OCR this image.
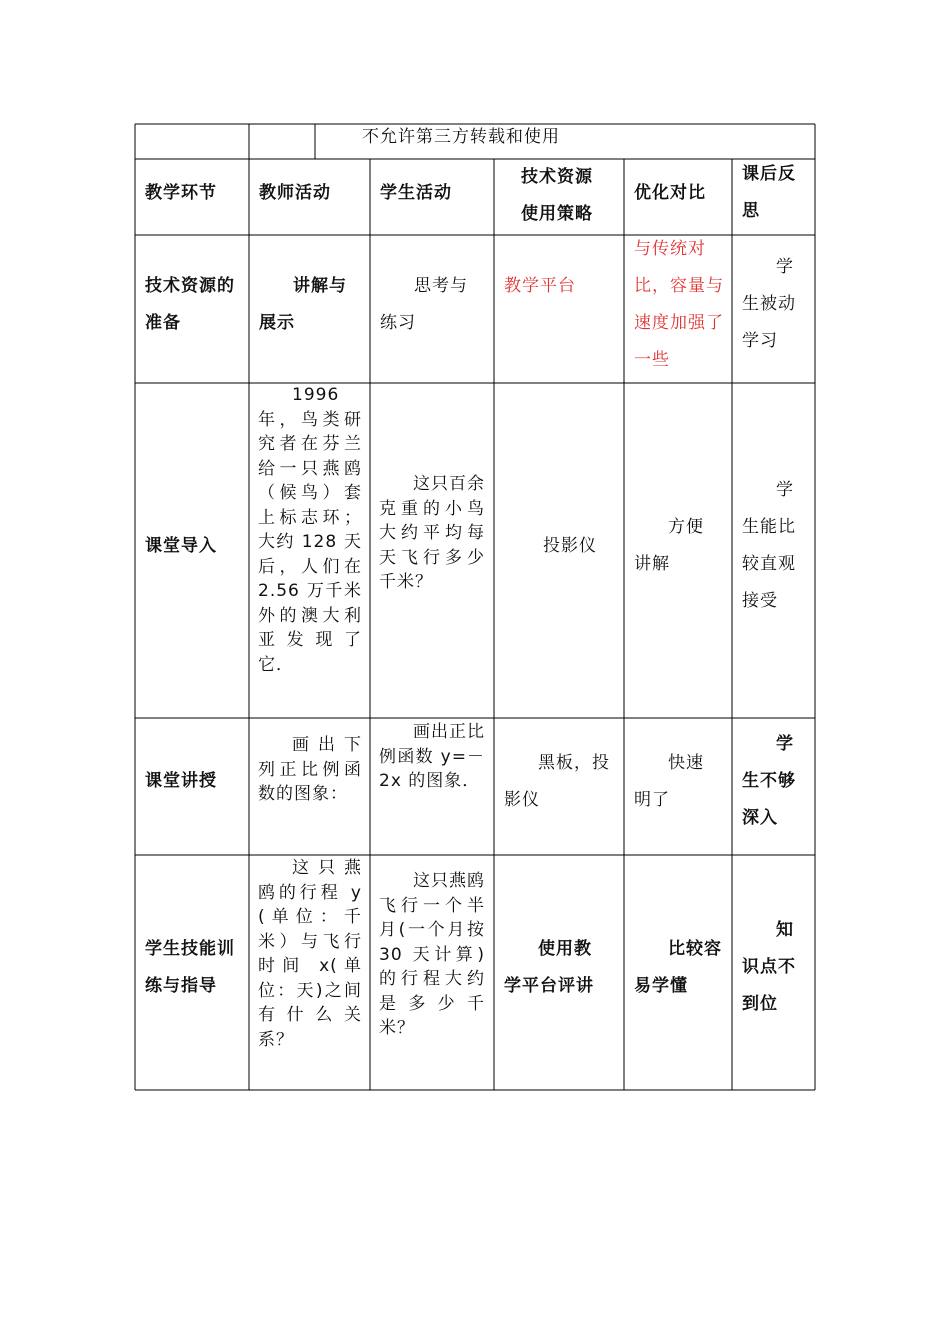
不允许第三方转载和使用
教学环节	教师活动	学生活动
技术资源使用策略
优化对比
课后反思
技术资源的准备
讲解与展示
思考与练习
教学平台
与传统对比，容量与速度加强了一些
学生被动学习
课堂导入
1996年，鸟类研究者在芬兰给一只燕鸥（候鸟）套上标志环；大约 128 天后，人们在 2.56 万千米外的澳大利亚发现了它．
这只百余克重的小鸟大约平均每天飞行多少千米？
投影仪
方便讲解
学生能比较直观接受
课堂讲授
画出下列正比例函数的图象：
画出正比例函数 y=－ 2x 的图象．
黑板，投影仪
快速明了
学生不够深入
学生技能训练与指导
这只燕鸥的行程 y(单位：千米）与飞行时间 x(单位：天)之间有什么关系？
这只燕鸥飞行一个半月(一个月按 30 天计算)的行程大约是多少千米？
使用教学平台评讲
比较容易学懂
知识点不到位
